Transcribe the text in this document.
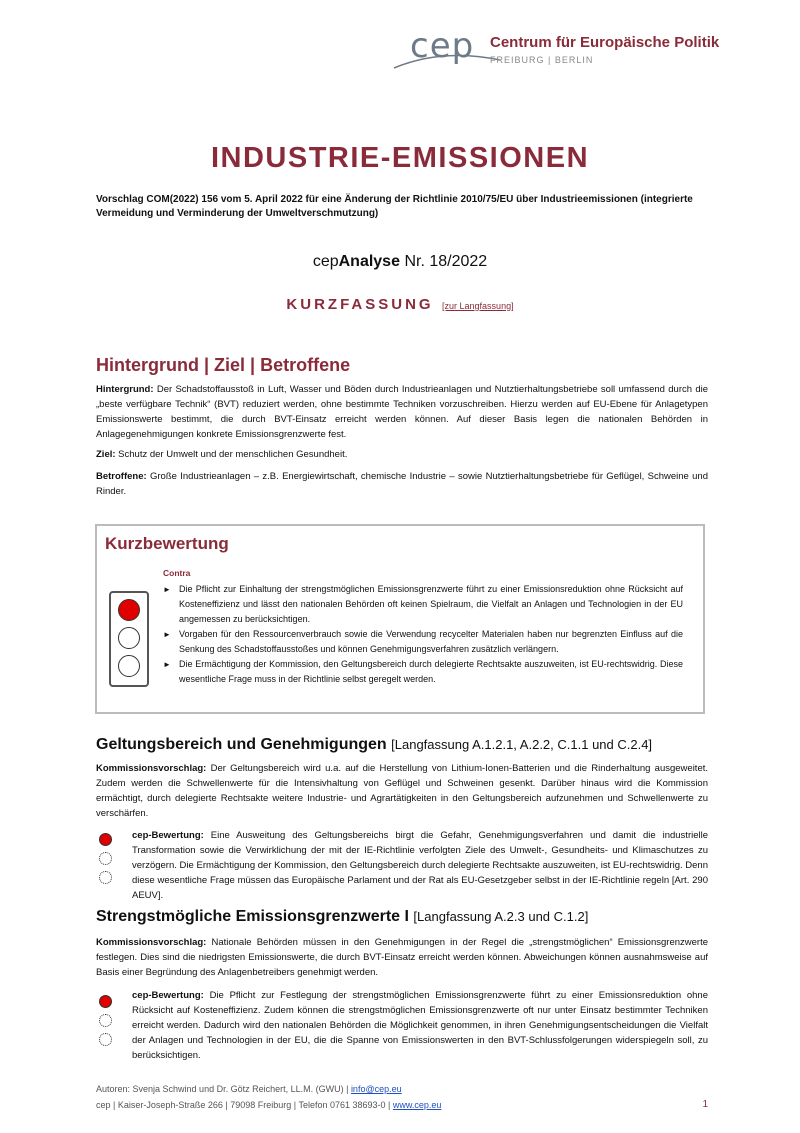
cep Centrum für Europäische Politik
FREIBURG | BERLIN
INDUSTRIE-EMISSIONEN
Vorschlag COM(2022) 156 vom 5. April 2022 für eine Änderung der Richtlinie 2010/75/EU über Industrieemissionen (integrierte Vermeidung und Verminderung der Umweltverschmutzung)
cepAnalyse Nr. 18/2022
KURZFASSUNG [zur Langfassung]
Hintergrund | Ziel | Betroffene
Hintergrund: Der Schadstoffausstoß in Luft, Wasser und Böden durch Industrieanlagen und Nutztierhaltungsbetriebe soll umfassend durch die „beste verfügbare Technik“ (BVT) reduziert werden, ohne bestimmte Techniken vorzuschreiben. Hierzu werden auf EU-Ebene für Anlagetypen Emissionswerte bestimmt, die durch BVT-Einsatz erreicht werden können. Auf dieser Basis legen die nationalen Behörden in Anlagegenehmigungen konkrete Emissionsgrenzwerte fest.
Ziel: Schutz der Umwelt und der menschlichen Gesundheit.
Betroffene: Große Industrieanlagen – z.B. Energiewirtschaft, chemische Industrie – sowie Nutztierhaltungsbetriebe für Geflügel, Schweine und Rinder.
Kurzbewertung
Contra
► Die Pflicht zur Einhaltung der strengstmöglichen Emissionsgrenzwerte führt zu einer Emissionsreduktion ohne Rücksicht auf Kosteneffizienz und lässt den nationalen Behörden oft keinen Spielraum, die Vielfalt an Anlagen und Technologien in der EU angemessen zu berücksichtigen.
► Vorgaben für den Ressourcenverbrauch sowie die Verwendung recycelter Materialen haben nur begrenzten Einfluss auf die Senkung des Schadstoffausstoßes und können Genehmigungsverfahren zusätzlich verlängern.
► Die Ermächtigung der Kommission, den Geltungsbereich durch delegierte Rechtsakte auszuweiten, ist EU-rechtswidrig. Diese wesentliche Frage muss in der Richtlinie selbst geregelt werden.
Geltungsbereich und Genehmigungen [Langfassung A.1.2.1, A.2.2, C.1.1 und C.2.4]
Kommissionsvorschlag: Der Geltungsbereich wird u.a. auf die Herstellung von Lithium-Ionen-Batterien und die Rinderhaltung ausgeweitet. Zudem werden die Schwellenwerte für die Intensivhaltung von Geflügel und Schweinen gesenkt. Darüber hinaus wird die Kommission ermächtigt, durch delegierte Rechtsakte weitere Industrie- und Agrartätigkeiten in den Geltungsbereich aufzunehmen und Schwellenwerte zu verschärfen.
cep-Bewertung: Eine Ausweitung des Geltungsbereichs birgt die Gefahr, Genehmigungsverfahren und damit die industrielle Transformation sowie die Verwirklichung der mit der IE-Richtlinie verfolgten Ziele des Umwelt-, Gesundheits- und Klimaschutzes zu verzögern. Die Ermächtigung der Kommission, den Geltungsbereich durch delegierte Rechtsakte auszuweiten, ist EU-rechtswidrig. Denn diese wesentliche Frage müssen das Europäische Parlament und der Rat als EU-Gesetzgeber selbst in der IE-Richtlinie regeln [Art. 290 AEUV].
Strengstmögliche Emissionsgrenzwerte I [Langfassung A.2.3 und C.1.2]
Kommissionsvorschlag: Nationale Behörden müssen in den Genehmigungen in der Regel die „strengstmöglichen“ Emissionsgrenzwerte festlegen. Dies sind die niedrigsten Emissionswerte, die durch BVT-Einsatz erreicht werden können. Abweichungen können ausnahmsweise auf Basis einer Begründung des Anlagenbetreibers genehmigt werden.
cep-Bewertung: Die Pflicht zur Festlegung der strengstmöglichen Emissionsgrenzwerte führt zu einer Emissionsreduktion ohne Rücksicht auf Kosteneffizienz. Zudem können die strengstmöglichen Emissionsgrenzwerte oft nur unter Einsatz bestimmter Techniken erreicht werden. Dadurch wird den nationalen Behörden die Möglichkeit genommen, in ihren Genehmigungsentscheidungen die Vielfalt der Anlagen und Technologien in der EU, die die Spanne von Emissionswerten in den BVT-Schlussfolgerungen widerspiegeln soll, zu berücksichtigen.
Autoren: Svenja Schwind und Dr. Götz Reichert, LL.M. (GWU) | info@cep.eu
cep | Kaiser-Joseph-Straße 266 | 79098 Freiburg | Telefon 0761 38693-0 | www.cep.eu	1
